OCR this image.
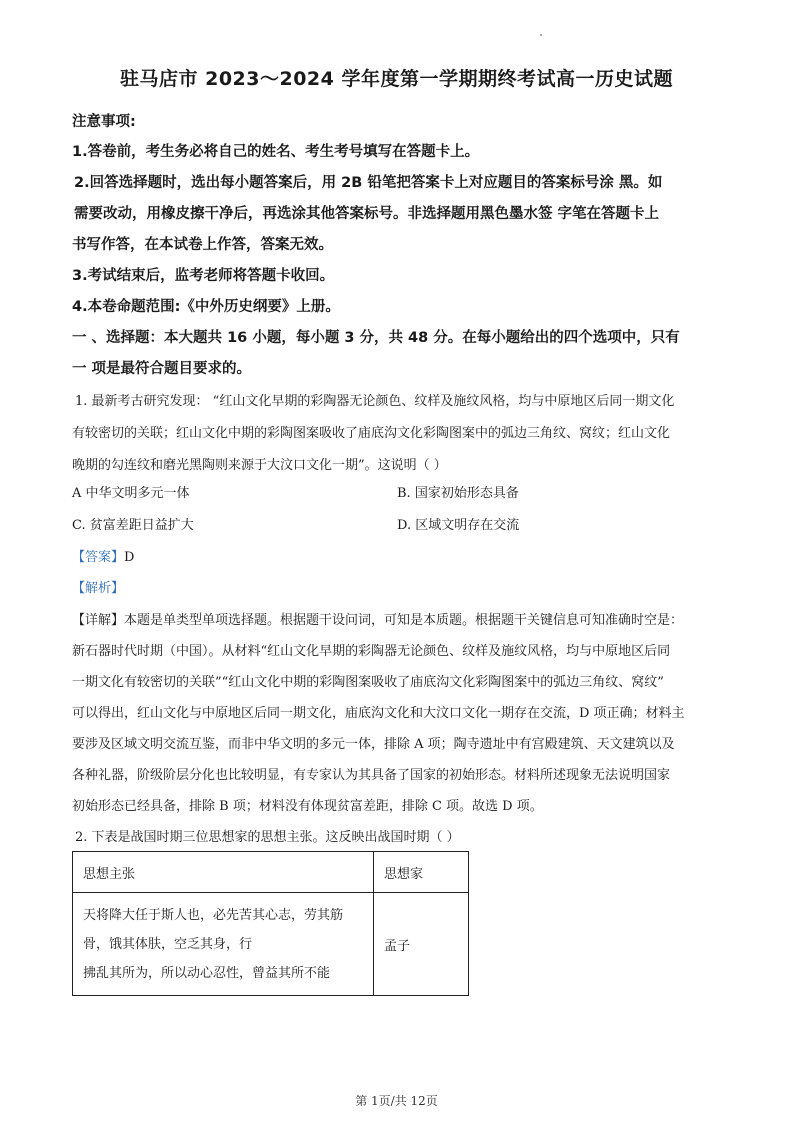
驻马店市 2023～2024 学年度第一学期期终考试高一历史试题
注意事项:
1.答卷前，考生务必将自己的姓名、考生考号填写在答题卡上。
2.回答选择题时，选出每小题答案后，用 2B 铅笔把答案卡上对应题目的答案标号涂 黑。如
需要改动，用橡皮擦干净后，再选涂其他答案标号。非选择题用黑色墨水签 字笔在答题卡上
书写作答，在本试卷上作答，答案无效。
3.考试结束后，监考老师将答题卡收回。
4.本卷命题范围:《中外历史纲要》上册。
一 、选择题：本大题共 16 小题，每小题 3 分，共 48 分。在每小题给出的四个选项中，只有
一 项是最符合题目要求的。
1. 最新考古研究发现： “红山文化早期的彩陶器无论颜色、纹样及施纹风格，均与中原地区后同一期文化
有较密切的关联；红山文化中期的彩陶图案吸收了庙底沟文化彩陶图案中的弧边三角纹、窝纹；红山文化
晚期的勾连纹和磨光黑陶则来源于大汶口文化一期”。这说明（ ）
A 中华文明多元一体	B. 国家初始形态具备
C. 贫富差距日益扩大	D. 区域文明存在交流
【答案】D
【解析】
【详解】本题是单类型单项选择题。根据题干设问词，可知是本质题。根据题干关键信息可知准确时空是：
新石器时代时期（中国）。从材料“红山文化早期的彩陶器无论颜色、纹样及施纹风格，均与中原地区后同
一期文化有较密切的关联”“红山文化中期的彩陶图案吸收了庙底沟文化彩陶图案中的弧边三角纹、窝纹”
可以得出，红山文化与中原地区后同一期文化，庙底沟文化和大汶口文化一期存在交流，D 项正确；材料主
要涉及区域文明交流互鉴，而非中华文明的多元一体，排除 A 项；陶寺遗址中有宫殿建筑、天文建筑以及
各种礼器，阶级阶层分化也比较明显，有专家认为其具备了国家的初始形态。材料所述现象无法说明国家
初始形态已经具备，排除 B 项；材料没有体现贫富差距，排除 C 项。故选 D 项。
2. 下表是战国时期三位思想家的思想主张。这反映出战国时期（ ）
思想主张	思想家

天将降大任于斯人也，必先苦其心志，劳其筋
骨，饿其体肤，空乏其身，行
拂乱其所为，所以动心忍性，曾益其所不能	孟子
第 1页/共 12页
